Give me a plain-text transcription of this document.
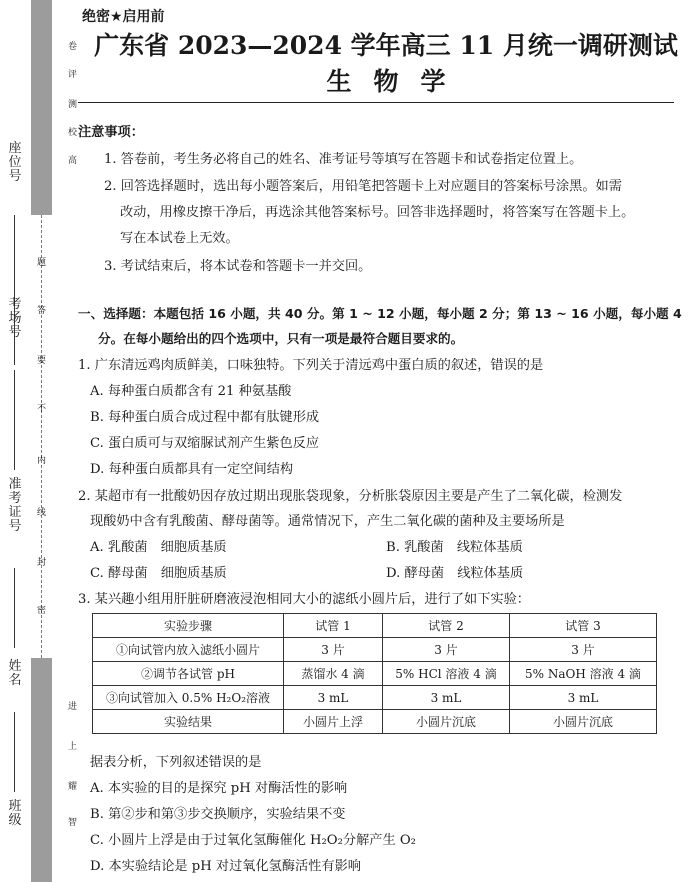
卷
评
测
校
高
题
答
要
不
内
线
封
密
进
上
耀
智
座位号
考场号
准考证号
姓名
班级
绝密★启用前
广东省 2023—2024 学年高三 11 月统一调研测试
生物学
注意事项：
1. 答卷前，考生务必将自己的姓名、准考证号等填写在答题卡和试卷指定位置上。
2. 回答选择题时，选出每小题答案后，用铅笔把答题卡上对应题目的答案标号涂黑。如需
改动，用橡皮擦干净后，再选涂其他答案标号。回答非选择题时，将答案写在答题卡上。
写在本试卷上无效。
3. 考试结束后，将本试卷和答题卡一并交回。
一、选择题：本题包括 16 小题，共 40 分。第 1 ~ 12 小题，每小题 2 分；第 13 ~ 16 小题，每小题 4
分。在每小题给出的四个选项中，只有一项是最符合题目要求的。
1. 广东清远鸡肉质鲜美，口味独特。下列关于清远鸡中蛋白质的叙述，错误的是
A. 每种蛋白质都含有 21 种氨基酸
B. 每种蛋白质合成过程中都有肽键形成
C. 蛋白质可与双缩脲试剂产生紫色反应
D. 每种蛋白质都具有一定空间结构
2. 某超市有一批酸奶因存放过期出现胀袋现象，分析胀袋原因主要是产生了二氧化碳，检测发
现酸奶中含有乳酸菌、酵母菌等。通常情况下，产生二氧化碳的菌种及主要场所是
A. 乳酸菌　细胞质基质	B. 乳酸菌　线粒体基质
C. 酵母菌　细胞质基质	D. 酵母菌　线粒体基质
3. 某兴趣小组用肝脏研磨液浸泡相同大小的滤纸小圆片后，进行了如下实验：
实验步骤	试管 1	试管 2	试管 3
①向试管内放入滤纸小圆片	3 片	3 片	3 片
②调节各试管 pH	蒸馏水 4 滴	5% HCl 溶液 4 滴	5% NaOH 溶液 4 滴
③向试管加入 0.5% H₂O₂溶液	3 mL	3 mL	3 mL
实验结果	小圆片上浮	小圆片沉底	小圆片沉底
据表分析，下列叙述错误的是
A. 本实验的目的是探究 pH 对酶活性的影响
B. 第②步和第③步交换顺序，实验结果不变
C. 小圆片上浮是由于过氧化氢酶催化 H₂O₂分解产生 O₂
D. 本实验结论是 pH 对过氧化氢酶活性有影响
